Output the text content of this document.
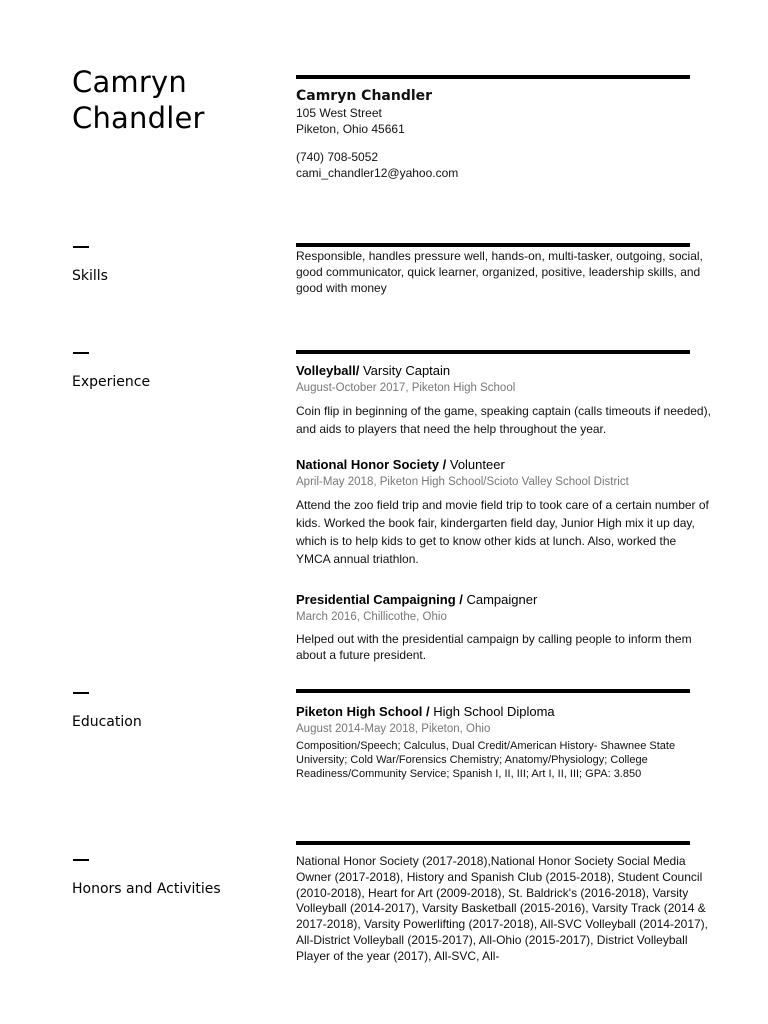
Camryn
Chandler
Camryn Chandler
105 West Street
Piketon, Ohio 45661
(740) 708-5052
cami_chandler12@yahoo.com
Skills
Responsible, handles pressure well, hands-on, multi-tasker, outgoing, social, good communicator, quick learner, organized, positive, leadership skills, and good with money
Experience
Volleyball/ Varsity Captain
August-October 2017, Piketon High School
Coin flip in beginning of the game, speaking captain (calls timeouts if needed), and aids to players that need the help throughout the year.
National Honor Society / Volunteer
April-May 2018, Piketon High School/Scioto Valley School District
Attend the zoo field trip and movie field trip to took care of a certain number of kids. Worked the book fair, kindergarten field day, Junior High mix it up day, which is to help kids to get to know other kids at lunch. Also, worked the YMCA annual triathlon.
Presidential Campaigning / Campaigner
March 2016, Chillicothe, Ohio
Helped out with the presidential campaign by calling people to inform them about a future president.
Education
Piketon High School / High School Diploma
August 2014-May 2018, Piketon, Ohio
Composition/Speech; Calculus, Dual Credit/American History- Shawnee State University; Cold War/Forensics Chemistry; Anatomy/Physiology; College Readiness/Community Service; Spanish I, II, III; Art I, II, III; GPA: 3.850
Honors and Activities
National Honor Society (2017-2018),National Honor Society Social Media Owner (2017-2018), History and Spanish Club (2015-2018), Student Council (2010-2018), Heart for Art (2009-2018), St. Baldrick's (2016-2018), Varsity Volleyball (2014-2017), Varsity Basketball (2015-2016), Varsity Track (2014 & 2017-2018), Varsity Powerlifting (2017-2018), All-SVC Volleyball (2014-2017), All-District Volleyball (2015-2017), All-Ohio (2015-2017), District Volleyball Player of the year (2017), All-SVC, All-
